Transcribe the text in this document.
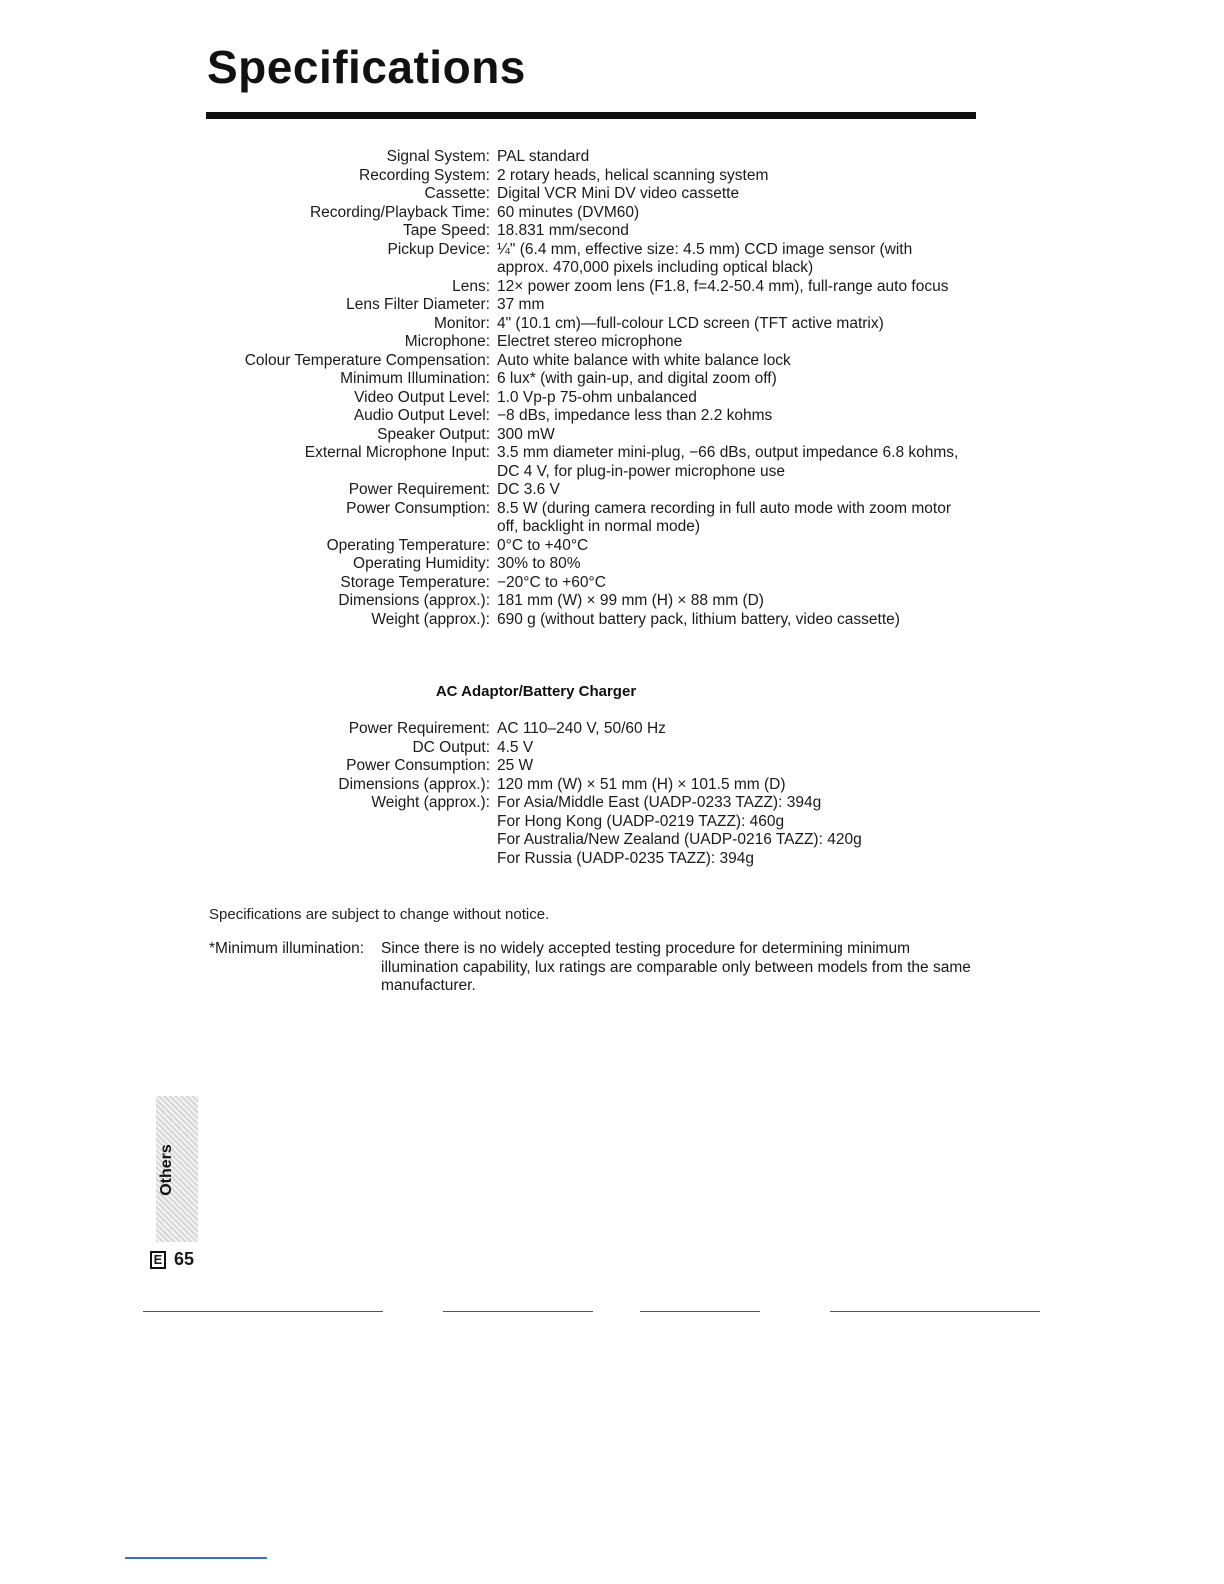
Specifications
Signal System: PAL standard
Recording System: 2 rotary heads, helical scanning system
Cassette: Digital VCR Mini DV video cassette
Recording/Playback Time: 60 minutes (DVM60)
Tape Speed: 18.831 mm/second
Pickup Device: ¼" (6.4 mm, effective size: 4.5 mm) CCD image sensor (with approx. 470,000 pixels including optical black)
Lens: 12× power zoom lens (F1.8, f=4.2-50.4 mm), full-range auto focus
Lens Filter Diameter: 37 mm
Monitor: 4" (10.1 cm)—full-colour LCD screen (TFT active matrix)
Microphone: Electret stereo microphone
Colour Temperature Compensation: Auto white balance with white balance lock
Minimum Illumination: 6 lux* (with gain-up, and digital zoom off)
Video Output Level: 1.0 Vp-p 75-ohm unbalanced
Audio Output Level: −8 dBs, impedance less than 2.2 kohms
Speaker Output: 300 mW
External Microphone Input: 3.5 mm diameter mini-plug, −66 dBs, output impedance 6.8 kohms, DC 4 V, for plug-in-power microphone use
Power Requirement: DC 3.6 V
Power Consumption: 8.5 W (during camera recording in full auto mode with zoom motor off, backlight in normal mode)
Operating Temperature: 0°C to +40°C
Operating Humidity: 30% to 80%
Storage Temperature: −20°C to +60°C
Dimensions (approx.): 181 mm (W) × 99 mm (H) × 88 mm (D)
Weight (approx.): 690 g (without battery pack, lithium battery, video cassette)
AC Adaptor/Battery Charger
Power Requirement: AC 110–240 V, 50/60 Hz
DC Output: 4.5 V
Power Consumption: 25 W
Dimensions (approx.): 120 mm (W) × 51 mm (H) × 101.5 mm (D)
Weight (approx.): For Asia/Middle East (UADP-0233 TAZZ): 394g
For Hong Kong (UADP-0219 TAZZ): 460g
For Australia/New Zealand (UADP-0216 TAZZ): 420g
For Russia (UADP-0235 TAZZ): 394g
Specifications are subject to change without notice.
*Minimum illumination: Since there is no widely accepted testing procedure for determining minimum illumination capability, lux ratings are comparable only between models from the same manufacturer.
Others
E 65
